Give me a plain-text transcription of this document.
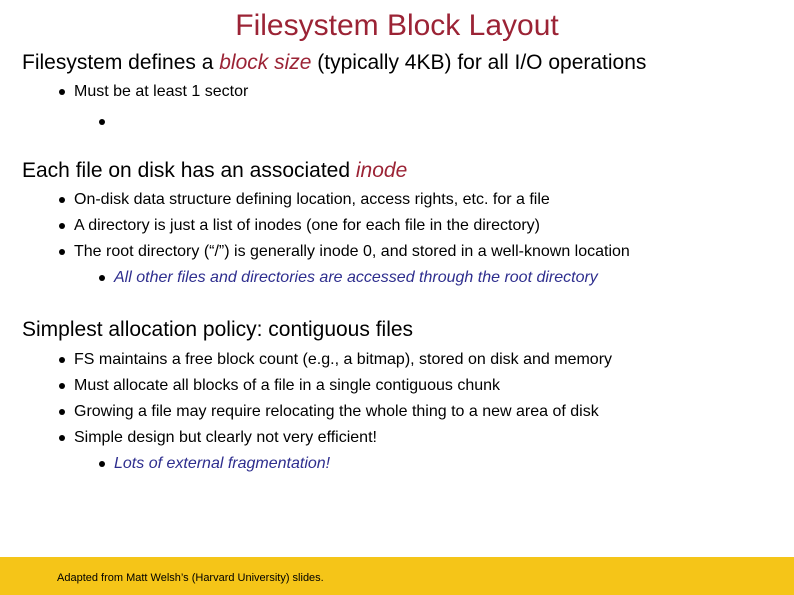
Filesystem Block Layout
Filesystem defines a block size (typically 4KB) for all I/O operations
Must be at least 1 sector
Each file on disk has an associated inode
On-disk data structure defining location, access rights, etc. for a file
A directory is just a list of inodes (one for each file in the directory)
The root directory (“/”) is generally inode 0, and stored in a well-known location
All other files and directories are accessed through the root directory
Simplest allocation policy: contiguous files
FS maintains a free block count (e.g., a bitmap), stored on disk and memory
Must allocate all blocks of a file in a single contiguous chunk
Growing a file may require relocating the whole thing to a new area of disk
Simple design but clearly not very efficient!
Lots of external fragmentation!
Adapted from Matt Welsh’s (Harvard University) slides.
